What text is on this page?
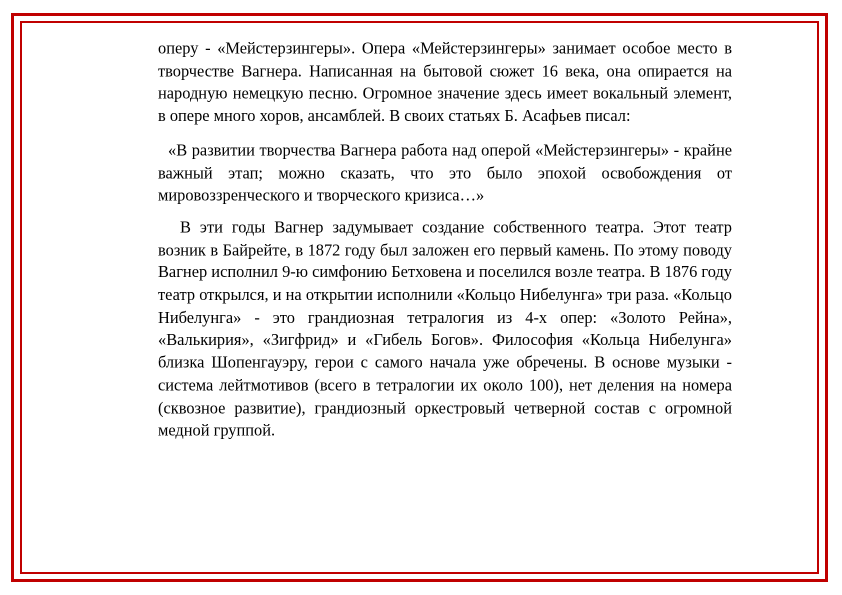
оперу - «Мейстерзингеры». Опера «Мейстерзингеры» занимает особое место в творчестве Вагнера. Написанная на бытовой сюжет 16 века, она опирается на народную немецкую песню. Огромное значение здесь имеет вокальный элемент, в опере много хоров, ансамблей. В своих статьях Б. Асафьев писал:

«В развитии творчества Вагнера работа над оперой «Мейстерзингеры» - крайне важный этап; можно сказать, что это было эпохой освобождения от мировоззренческого и творческого кризиса…»

В эти годы Вагнер задумывает создание собственного театра. Этот театр возник в Байрейте, в 1872 году был заложен его первый камень. По этому поводу Вагнер исполнил 9-ю симфонию Бетховена и поселился возле театра. В 1876 году театр открылся, и на открытии исполнили «Кольцо Нибелунга» три раза. «Кольцо Нибелунга» - это грандиозная тетралогия из 4-х опер: «Золото Рейна», «Валькирия», «Зигфрид» и «Гибель Богов». Философия «Кольца Нибелунга» близка Шопенгауэру, герои с самого начала уже обречены. В основе музыки - система лейтмотивов (всего в тетралогии их около 100), нет деления на номера (сквозное развитие), грандиозный оркестровый четверной состав с огромной медной группой.
